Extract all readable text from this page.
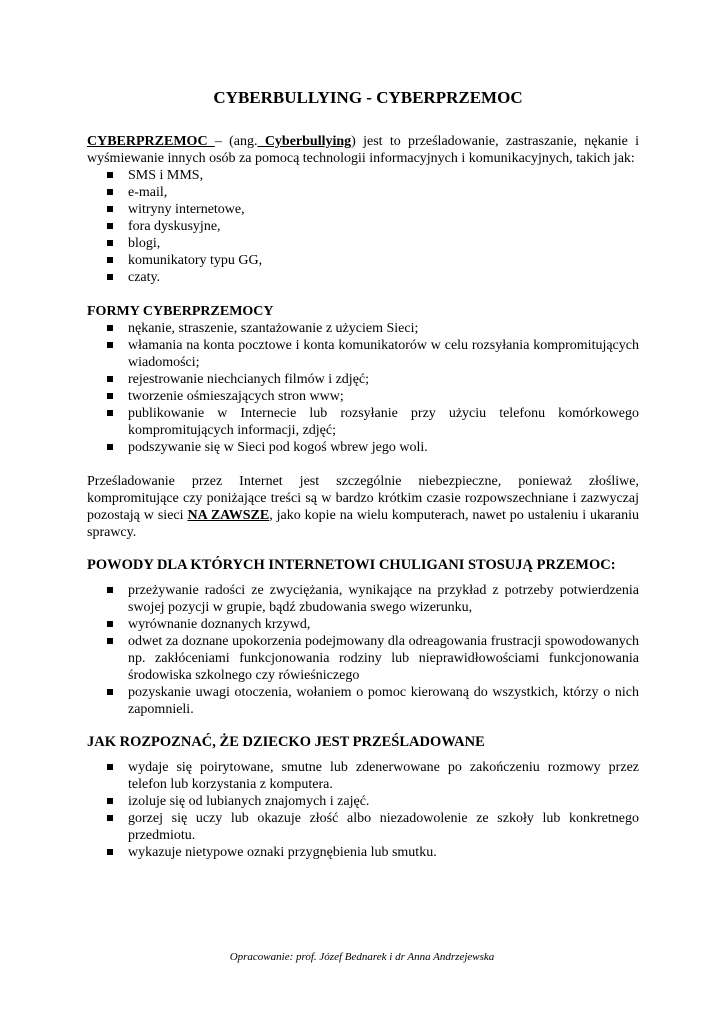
CYBERBULLYING - CYBERPRZEMOC
CYBERPRZEMOC – (ang. Cyberbullying) jest to prześladowanie, zastraszanie, nękanie i wyśmiewanie innych osób za pomocą technologii informacyjnych i komunikacyjnych, takich jak:
SMS i MMS,
e-mail,
witryny internetowe,
fora dyskusyjne,
blogi,
komunikatory typu GG,
czaty.
FORMY CYBERPRZEMOCY
nękanie, straszenie, szantażowanie z użyciem Sieci;
włamania na konta pocztowe i konta komunikatorów w celu rozsyłania kompromitujących wiadomości;
rejestrowanie niechcianych filmów i zdjęć;
tworzenie ośmieszających stron www;
publikowanie w Internecie lub rozsyłanie przy użyciu telefonu komórkowego kompromitujących informacji, zdjęć;
podszywanie się w Sieci pod kogoś wbrew jego woli.
Prześladowanie przez Internet jest szczególnie niebezpieczne, ponieważ złośliwe, kompromitujące czy poniżające treści są w bardzo krótkim czasie rozpowszechniane i zazwyczaj pozostają w sieci NA ZAWSZE, jako kopie na wielu komputerach, nawet po ustaleniu i ukaraniu sprawcy.
POWODY DLA KTÓRYCH INTERNETOWI CHULIGANI STOSUJĄ PRZEMOC:
przeżywanie radości ze zwyciężania, wynikające na przykład z potrzeby potwierdzenia swojej pozycji w grupie, bądź zbudowania swego wizerunku,
wyrównanie doznanych krzywd,
odwet za doznane upokorzenia podejmowany dla odreagowania frustracji spowodowanych np. zakłóceniami funkcjonowania rodziny lub nieprawidłowościami funkcjonowania środowiska szkolnego czy rówieśniczego
pozyskanie uwagi otoczenia, wołaniem o pomoc kierowaną do wszystkich, którzy o nich zapomnieli.
JAK ROZPOZNAĆ, ŻE DZIECKO JEST PRZEŚLADOWANE
wydaje się poirytowane, smutne lub zdenerwowane po zakończeniu rozmowy przez telefon lub korzystania z komputera.
izoluje się od lubianych znajomych i zajęć.
gorzej się uczy lub okazuje złość albo niezadowolenie ze szkoły lub konkretnego przedmiotu.
wykazuje nietypowe oznaki przygnębienia lub smutku.
Opracowanie: prof. Józef Bednarek i dr Anna Andrzejewska
